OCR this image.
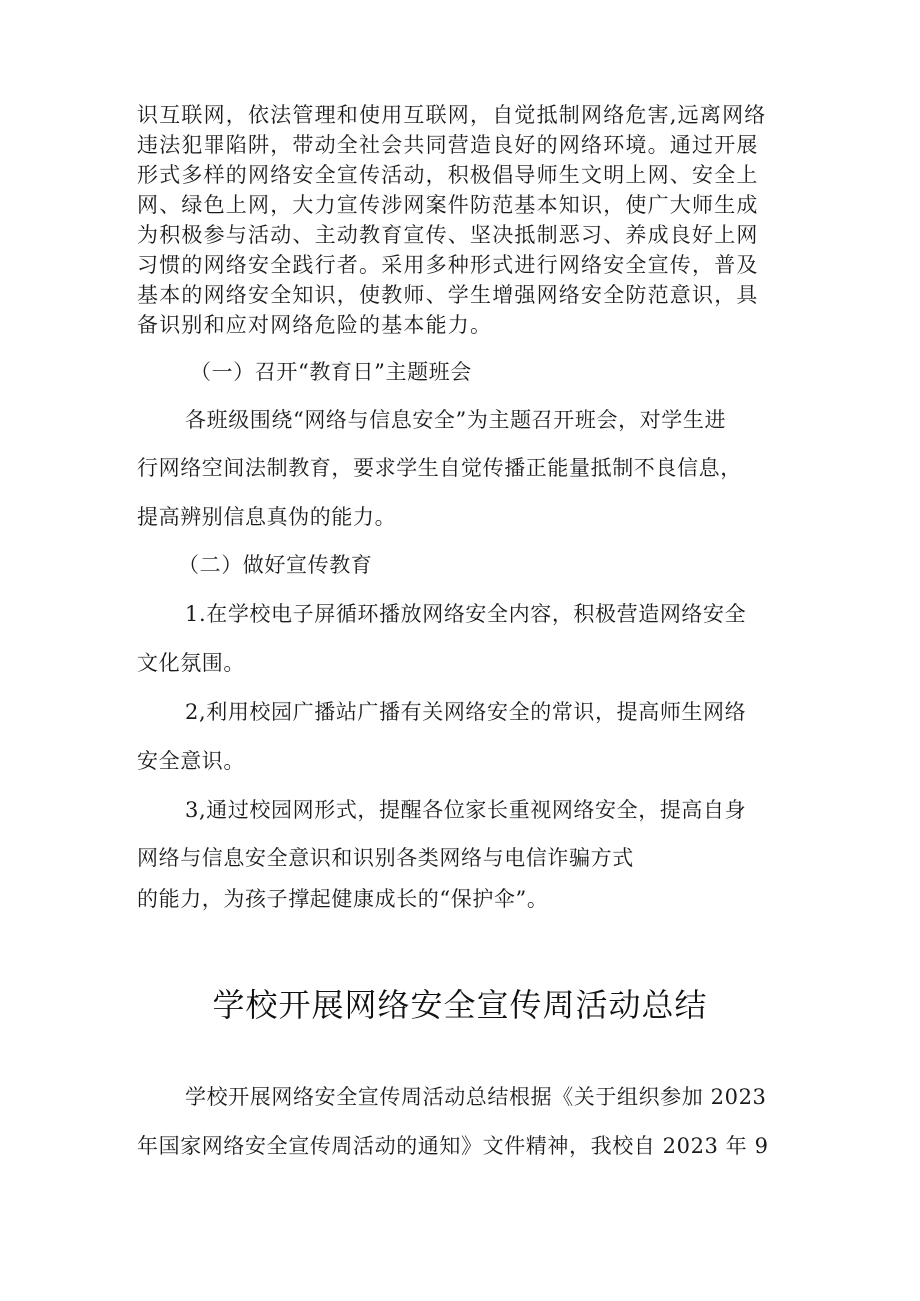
识互联网，依法管理和使用互联网，自觉抵制网络危害,远离网络
违法犯罪陷阱，带动全社会共同营造良好的网络环境。通过开展
形式多样的网络安全宣传活动，积极倡导师生文明上网、安全上
网、绿色上网，大力宣传涉网案件防范基本知识，使广大师生成
为积极参与活动、主动教育宣传、坚决抵制恶习、养成良好上网
习惯的网络安全践行者。采用多种形式进行网络安全宣传，普及
基本的网络安全知识，使教师、学生增强网络安全防范意识，具
备识别和应对网络危险的基本能力。
（一）召开“教育日”主题班会
各班级围绕“网络与信息安全”为主题召开班会，对学生进
行网络空间法制教育，要求学生自觉传播正能量抵制不良信息，
提高辨别信息真伪的能力。
（二）做好宣传教育
1.在学校电子屏循环播放网络安全内容，积极营造网络安全
文化氛围。
2,利用校园广播站广播有关网络安全的常识，提高师生网络
安全意识。
3,通过校园网形式，提醒各位家长重视网络安全，提高自身
网络与信息安全意识和识别各类网络与电信诈骗方式
的能力，为孩子撑起健康成长的“保护伞”。
学校开展网络安全宣传周活动总结
学校开展网络安全宣传周活动总结根据《关于组织参加 2023
年国家网络安全宣传周活动的通知》文件精神，我校自 2023 年 9
